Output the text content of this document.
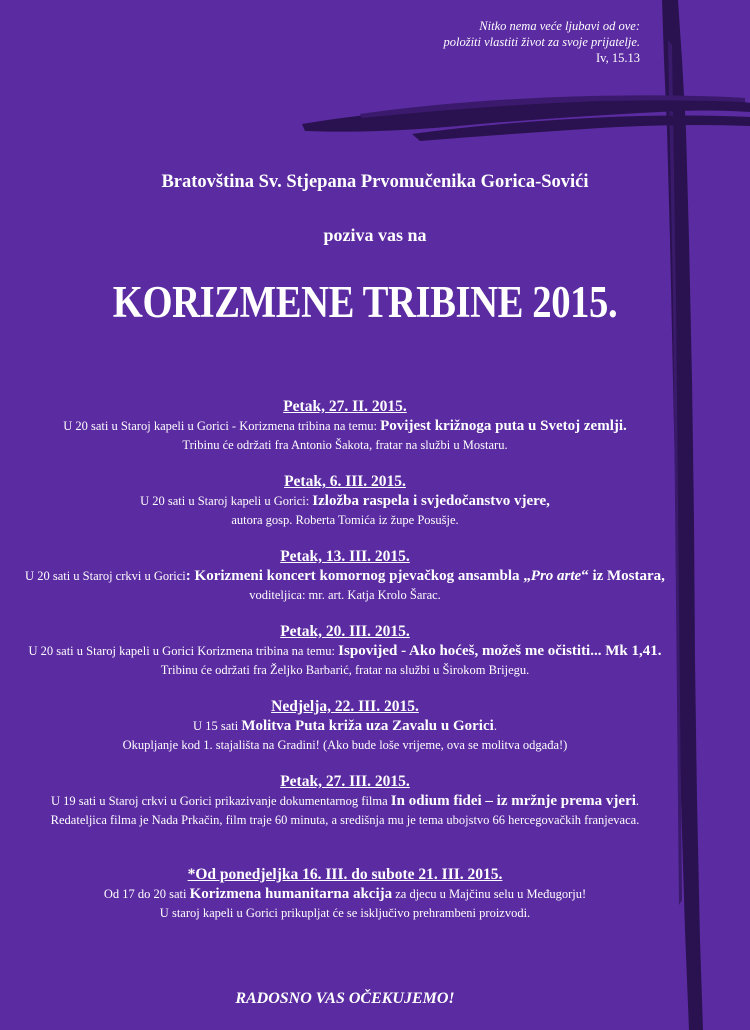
Nitko nema veće ljubavi od ove:
položiti vlastiti život za svoje prijatelje.
Iv, 15.13
Bratovština Sv. Stjepana Prvomučenika Gorica-Sovići
poziva vas na
KORIZMENE TRIBINE 2015.
Petak, 27. II. 2015.
U 20 sati u Staroj kapeli u Gorici - Korizmena tribina na temu: Povijest križnoga puta u Svetoj zemlji.
Tribinu će održati fra Antonio Šakota, fratar na službi u Mostaru.
Petak, 6. III. 2015.
U 20 sati u Staroj kapeli u Gorici: Izložba raspela i svjedočanstvo vjere,
autora gosp. Roberta Tomića iz župe Posušje.
Petak, 13. III. 2015.
U 20 sati u Staroj crkvi u Gorici: Korizmeni koncert komornog pjevačkog ansambla „Pro arte“ iz Mostara,
voditeljica: mr. art. Katja Krolo Šarac.
Petak, 20. III. 2015.
U 20 sati u Staroj kapeli u Gorici Korizmena tribina na temu: Ispovijed - Ako hoćeš, možeš me očistiti... Mk 1,41.
Tribinu će održati fra Željko Barbarić, fratar na službi u Širokom Brijegu.
Nedjelja, 22. III. 2015.
U 15 sati Molitva Puta križa uza Zavalu u Gorici.
Okupljanje kod 1. stajališta na Gradini! (Ako bude loše vrijeme, ova se molitva odgađa!)
Petak, 27. III. 2015.
U 19 sati u Staroj crkvi u Gorici prikazivanje dokumentarnog filma In odium fidei – iz mržnje prema vjeri.
Redateljica filma je Nada Prkačin, film traje 60 minuta, a središnja mu je tema ubojstvo 66 hercegovačkih franjevaca.
*Od ponedjeljka 16. III. do subote 21. III. 2015.
Od 17 do 20 sati Korizmena humanitarna akcija za djecu u Majčinu selu u Međugorju!
U staroj kapeli u Gorici prikupljat će se isključivo prehrambeni proizvodi.
RADOSNO VAS OČEKUJEMO!
